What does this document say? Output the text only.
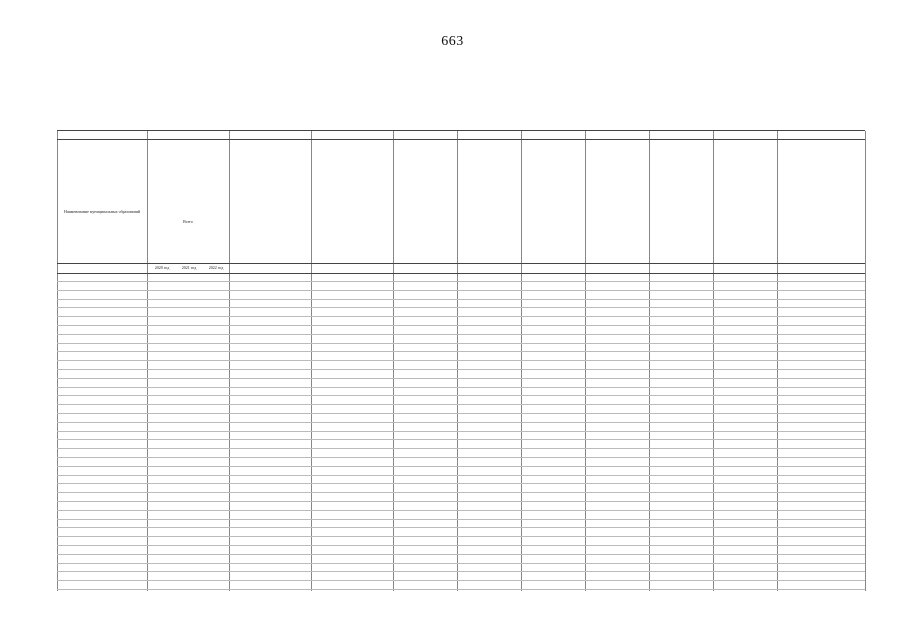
663
Наименование муниципальных образований
Всего
2020 год	2021 год	2022 год
